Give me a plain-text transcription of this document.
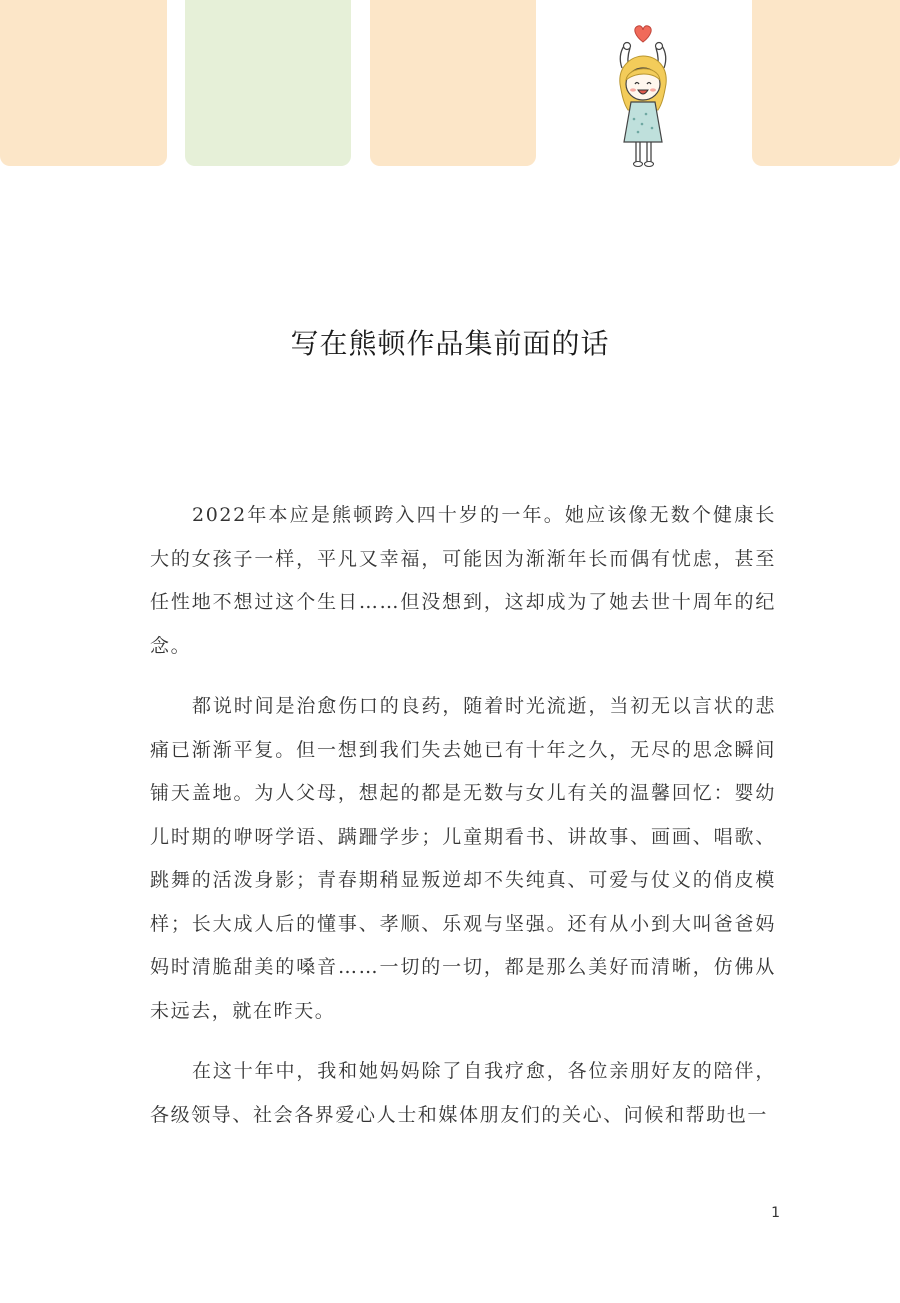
写在熊顿作品集前面的话

2022年本应是熊顿跨入四十岁的一年。她应该像无数个健康长大的女孩子一样，平凡又幸福，可能因为渐渐年长而偶有忧虑，甚至任性地不想过这个生日……但没想到，这却成为了她去世十周年的纪念。

都说时间是治愈伤口的良药，随着时光流逝，当初无以言状的悲痛已渐渐平复。但一想到我们失去她已有十年之久，无尽的思念瞬间铺天盖地。为人父母，想起的都是无数与女儿有关的温馨回忆：婴幼儿时期的咿呀学语、蹒跚学步；儿童期看书、讲故事、画画、唱歌、跳舞的活泼身影；青春期稍显叛逆却不失纯真、可爱与仗义的俏皮模样；长大成人后的懂事、孝顺、乐观与坚强。还有从小到大叫爸爸妈妈时清脆甜美的嗓音……一切的一切，都是那么美好而清晰，仿佛从未远去，就在昨天。

在这十年中，我和她妈妈除了自我疗愈，各位亲朋好友的陪伴，各级领导、社会各界爱心人士和媒体朋友们的关心、问候和帮助也一

1
